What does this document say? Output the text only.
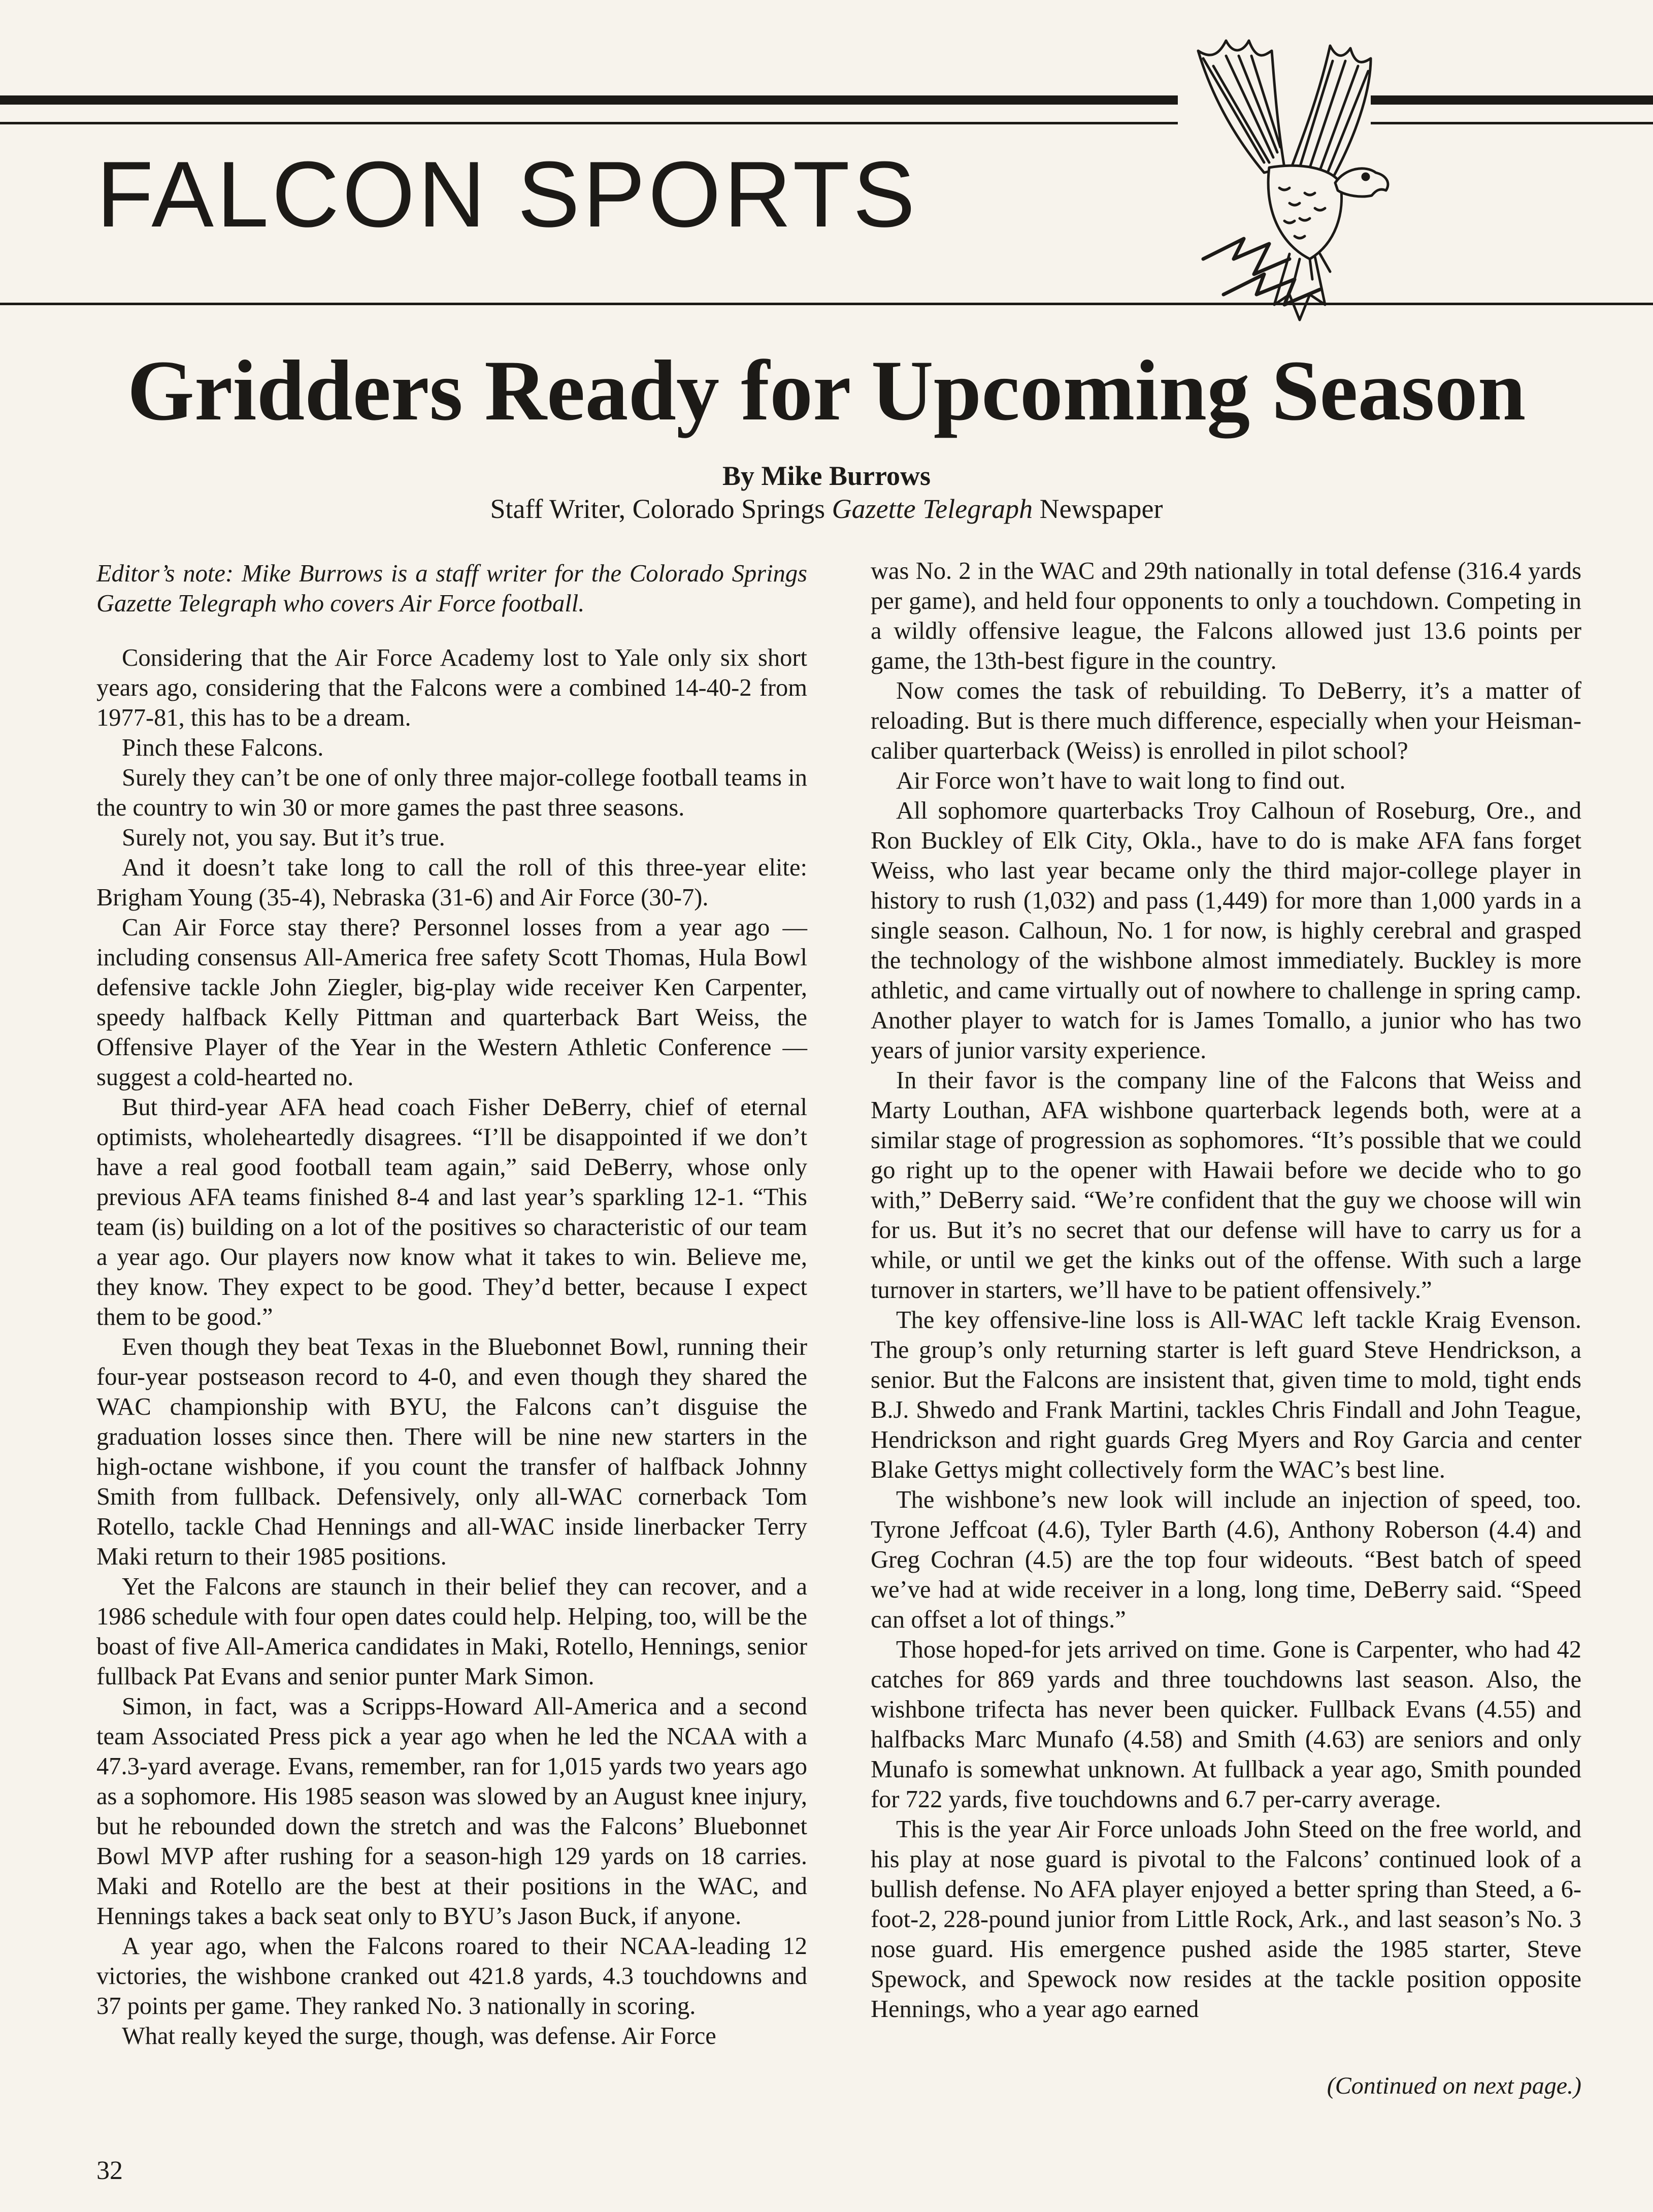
FALCON SPORTS
Gridders Ready for Upcoming Season
By Mike Burrows
Staff Writer, Colorado Springs Gazette Telegraph Newspaper

Editor’s note: Mike Burrows is a staff writer for the Colorado Springs Gazette Telegraph who covers Air Force football.

Considering that the Air Force Academy lost to Yale only six short years ago, considering that the Falcons were a combined 14-40-2 from 1977-81, this has to be a dream.

Pinch these Falcons.

Surely they can’t be one of only three major-college football teams in the country to win 30 or more games the past three seasons.

Surely not, you say. But it’s true.

And it doesn’t take long to call the roll of this three-year elite: Brigham Young (35-4), Nebraska (31-6) and Air Force (30-7).

Can Air Force stay there? Personnel losses from a year ago — including consensus All-America free safety Scott Thomas, Hula Bowl defensive tackle John Ziegler, big-play wide receiver Ken Carpenter, speedy halfback Kelly Pittman and quarterback Bart Weiss, the Offensive Player of the Year in the Western Athletic Conference — suggest a cold-hearted no.

But third-year AFA head coach Fisher DeBerry, chief of eternal optimists, wholeheartedly disagrees. “I’ll be disappointed if we don’t have a real good football team again,” said DeBerry, whose only previous AFA teams finished 8-4 and last year’s sparkling 12-1. “This team (is) building on a lot of the positives so characteristic of our team a year ago. Our players now know what it takes to win. Believe me, they know. They expect to be good. They’d better, because I expect them to be good.”

Even though they beat Texas in the Bluebonnet Bowl, running their four-year postseason record to 4-0, and even though they shared the WAC championship with BYU, the Falcons can’t disguise the graduation losses since then. There will be nine new starters in the high-octane wishbone, if you count the transfer of halfback Johnny Smith from fullback. Defensively, only all-WAC cornerback Tom Rotello, tackle Chad Hennings and all-WAC inside linerbacker Terry Maki return to their 1985 positions.

Yet the Falcons are staunch in their belief they can recover, and a 1986 schedule with four open dates could help. Helping, too, will be the boast of five All-America candidates in Maki, Rotello, Hennings, senior fullback Pat Evans and senior punter Mark Simon.

Simon, in fact, was a Scripps-Howard All-America and a second team Associated Press pick a year ago when he led the NCAA with a 47.3-yard average. Evans, remember, ran for 1,015 yards two years ago as a sophomore. His 1985 season was slowed by an August knee injury, but he rebounded down the stretch and was the Falcons’ Bluebonnet Bowl MVP after rushing for a season-high 129 yards on 18 carries. Maki and Rotello are the best at their positions in the WAC, and Hennings takes a back seat only to BYU’s Jason Buck, if anyone.

A year ago, when the Falcons roared to their NCAA-leading 12 victories, the wishbone cranked out 421.8 yards, 4.3 touchdowns and 37 points per game. They ranked No. 3 nationally in scoring.

What really keyed the surge, though, was defense. Air Force

was No. 2 in the WAC and 29th nationally in total defense (316.4 yards per game), and held four opponents to only a touchdown. Competing in a wildly offensive league, the Falcons allowed just 13.6 points per game, the 13th-best figure in the country.

Now comes the task of rebuilding. To DeBerry, it’s a matter of reloading. But is there much difference, especially when your Heisman-caliber quarterback (Weiss) is enrolled in pilot school?

Air Force won’t have to wait long to find out.

All sophomore quarterbacks Troy Calhoun of Roseburg, Ore., and Ron Buckley of Elk City, Okla., have to do is make AFA fans forget Weiss, who last year became only the third major-college player in history to rush (1,032) and pass (1,449) for more than 1,000 yards in a single season. Calhoun, No. 1 for now, is highly cerebral and grasped the technology of the wishbone almost immediately. Buckley is more athletic, and came virtually out of nowhere to challenge in spring camp. Another player to watch for is James Tomallo, a junior who has two years of junior varsity experience.

In their favor is the company line of the Falcons that Weiss and Marty Louthan, AFA wishbone quarterback legends both, were at a similar stage of progression as sophomores. “It’s possible that we could go right up to the opener with Hawaii before we decide who to go with,” DeBerry said. “We’re confident that the guy we choose will win for us. But it’s no secret that our defense will have to carry us for a while, or until we get the kinks out of the offense. With such a large turnover in starters, we’ll have to be patient offensively.”

The key offensive-line loss is All-WAC left tackle Kraig Evenson. The group’s only returning starter is left guard Steve Hendrickson, a senior. But the Falcons are insistent that, given time to mold, tight ends B.J. Shwedo and Frank Martini, tackles Chris Findall and John Teague, Hendrickson and right guards Greg Myers and Roy Garcia and center Blake Gettys might collectively form the WAC’s best line.

The wishbone’s new look will include an injection of speed, too. Tyrone Jeffcoat (4.6), Tyler Barth (4.6), Anthony Roberson (4.4) and Greg Cochran (4.5) are the top four wideouts. “Best batch of speed we’ve had at wide receiver in a long, long time, DeBerry said. “Speed can offset a lot of things.”

Those hoped-for jets arrived on time. Gone is Carpenter, who had 42 catches for 869 yards and three touchdowns last season. Also, the wishbone trifecta has never been quicker. Fullback Evans (4.55) and halfbacks Marc Munafo (4.58) and Smith (4.63) are seniors and only Munafo is somewhat unknown. At fullback a year ago, Smith pounded for 722 yards, five touchdowns and 6.7 per-carry average.

This is the year Air Force unloads John Steed on the free world, and his play at nose guard is pivotal to the Falcons’ continued look of a bullish defense. No AFA player enjoyed a better spring than Steed, a 6-foot-2, 228-pound junior from Little Rock, Ark., and last season’s No. 3 nose guard. His emergence pushed aside the 1985 starter, Steve Spewock, and Spewock now resides at the tackle position opposite Hennings, who a year ago earned

(Continued on next page.)
32
